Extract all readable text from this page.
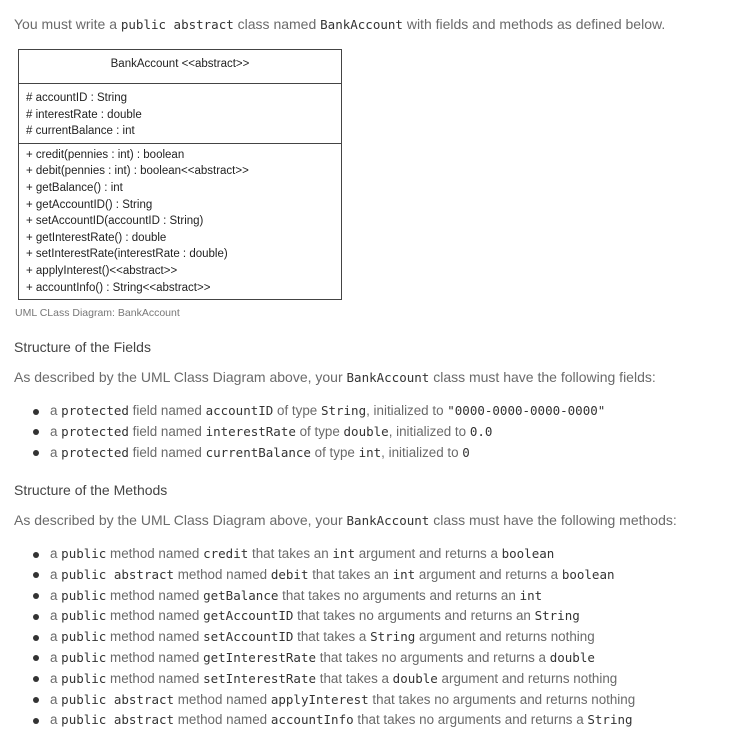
You must write a public abstract class named BankAccount with fields and methods as defined below.

BankAccount <<abstract>>
# accountID : String
# interestRate : double
# currentBalance : int
+ credit(pennies : int) : boolean
+ debit(pennies : int) : boolean<<abstract>>
+ getBalance() : int
+ getAccountID() : String
+ setAccountID(accountID : String)
+ getInterestRate() : double
+ setInterestRate(interestRate : double)
+ applyInterest()<<abstract>>
+ accountInfo() : String<<abstract>>

UML CLass Diagram: BankAccount

Structure of the Fields

As described by the UML Class Diagram above, your BankAccount class must have the following fields:

a protected field named accountID of type String, initialized to "0000-0000-0000-0000"
a protected field named interestRate of type double, initialized to 0.0
a protected field named currentBalance of type int, initialized to 0
Structure of the Methods

As described by the UML Class Diagram above, your BankAccount class must have the following methods:

a public method named credit that takes an int argument and returns a boolean
a public abstract method named debit that takes an int argument and returns a boolean
a public method named getBalance that takes no arguments and returns an int
a public method named getAccountID that takes no arguments and returns an String
a public method named setAccountID that takes a String argument and returns nothing
a public method named getInterestRate that takes no arguments and returns a double
a public method named setInterestRate that takes a double argument and returns nothing
a public abstract method named applyInterest that takes no arguments and returns nothing
a public abstract method named accountInfo that takes no arguments and returns a String
